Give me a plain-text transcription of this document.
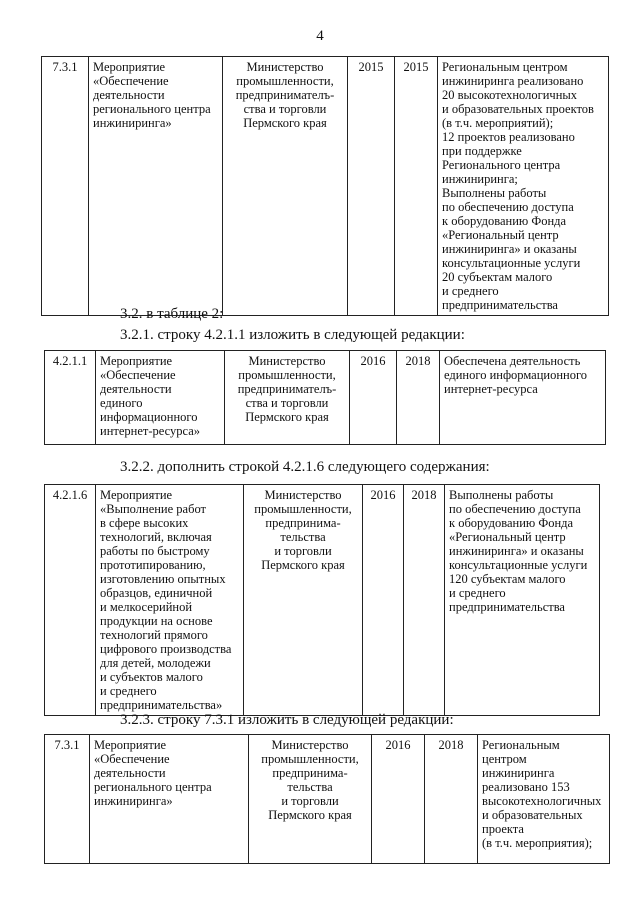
4
7.3.1	Мероприятие
«Обеспечение
деятельности
регионального центра
инжиниринга»	Министерство
промышленности,
предпринимателъ-
ства и торговли
Пермского края	2015	2015	Региональным центром
инжиниринга реализовано
20 высокотехнологичных
и образовательных проектов
(в т.ч. мероприятий);
12 проектов реализовано
при поддержке
Регионального центра
инжиниринга;
Выполнены работы
по обеспечению доступа
к оборудованию Фонда
«Региональный центр
инжиниринга» и оказаны
консультационные услуги
20 субъектам малого
и среднего
предпринимательства
3.2. в таблице 2:
3.2.1. строку 4.2.1.1 изложить в следующей редакции:
4.2.1.1	Мероприятие
«Обеспечение
деятельности
единого
информационного
интернет-ресурса»	Министерство
промышленности,
предпринимателъ-
ства и торговли
Пермского края	2016	2018	Обеспечена деятельность
единого информационного
интернет-ресурса
3.2.2. дополнить строкой 4.2.1.6 следующего содержания:
4.2.1.6	Мероприятие
«Выполнение работ
в сфере высоких
технологий, включая
работы по быстрому
прототипированию,
изготовлению опытных
образцов, единичной
и мелкосерийной
продукции на основе
технологий прямого
цифрового производства
для детей, молодежи
и субъектов малого
и среднего
предпринимательства»	Министерство
промышленности,
предпринима-
тельства
и торговли
Пермского края	2016	2018	Выполнены работы
по обеспечению доступа
к оборудованию Фонда
«Региональный центр
инжиниринга» и оказаны
консультационные услуги
120 субъектам малого
и среднего
предпринимательства
3.2.3. строку 7.3.1 изложить в следующей редакции:
7.3.1	Мероприятие
«Обеспечение
деятельности
регионального центра
инжиниринга»	Министерство
промышленности,
предпринима-
тельства
и торговли
Пермского края	2016	2018	Региональным центром
инжиниринга
реализовано 153
высокотехнологичных
и образовательных
проекта
(в т.ч. мероприятия);
